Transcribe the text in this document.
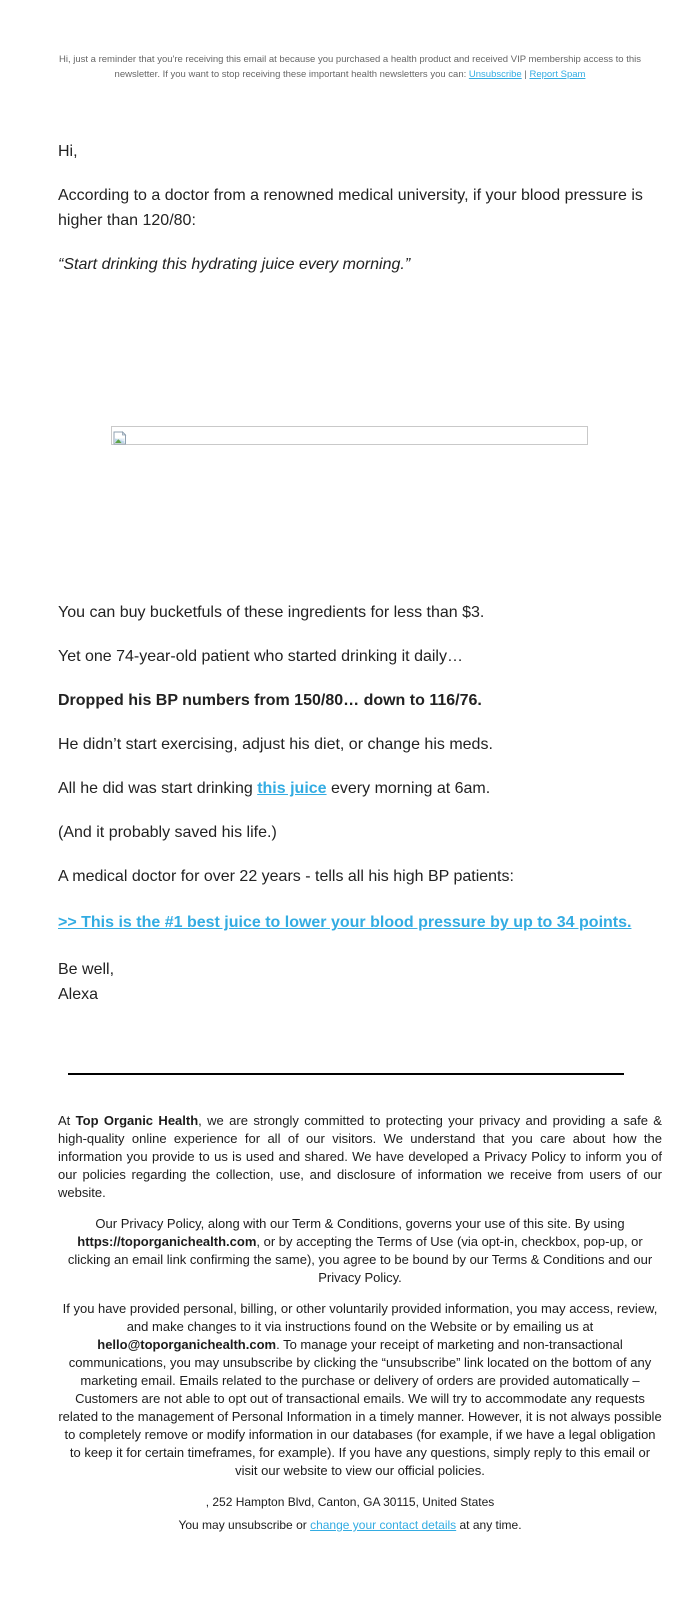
Hi, just a reminder that you're receiving this email at because you purchased a health product and received VIP membership access to this newsletter. If you want to stop receiving these important health newsletters you can: Unsubscribe | Report Spam

Hi,

According to a doctor from a renowned medical university, if your blood pressure is higher than 120/80:

“Start drinking this hydrating juice every morning.”

You can buy bucketfuls of these ingredients for less than $3.

Yet one 74-year-old patient who started drinking it daily…

Dropped his BP numbers from 150/80… down to 116/76.

He didn’t start exercising, adjust his diet, or change his meds.

All he did was start drinking this juice every morning at 6am.

(And it probably saved his life.)

A medical doctor for over 22 years - tells all his high BP patients:

>> This is the #1 best juice to lower your blood pressure by up to 34 points.

Be well,
Alexa

At Top Organic Health, we are strongly committed to protecting your privacy and providing a safe & high-quality online experience for all of our visitors. We understand that you care about how the information you provide to us is used and shared. We have developed a Privacy Policy to inform you of our policies regarding the collection, use, and disclosure of information we receive from users of our website.

Our Privacy Policy, along with our Term & Conditions, governs your use of this site. By using https://toporganichealth.com, or by accepting the Terms of Use (via opt-in, checkbox, pop-up, or clicking an email link confirming the same), you agree to be bound by our Terms & Conditions and our Privacy Policy.

If you have provided personal, billing, or other voluntarily provided information, you may access, review, and make changes to it via instructions found on the Website or by emailing us at hello@toporganichealth.com. To manage your receipt of marketing and non-transactional communications, you may unsubscribe by clicking the “unsubscribe” link located on the bottom of any marketing email. Emails related to the purchase or delivery of orders are provided automatically – Customers are not able to opt out of transactional emails. We will try to accommodate any requests related to the management of Personal Information in a timely manner. However, it is not always possible to completely remove or modify information in our databases (for example, if we have a legal obligation to keep it for certain timeframes, for example). If you have any questions, simply reply to this email or visit our website to view our official policies.

, 252 Hampton Blvd, Canton, GA 30115, United States

You may unsubscribe or change your contact details at any time.
